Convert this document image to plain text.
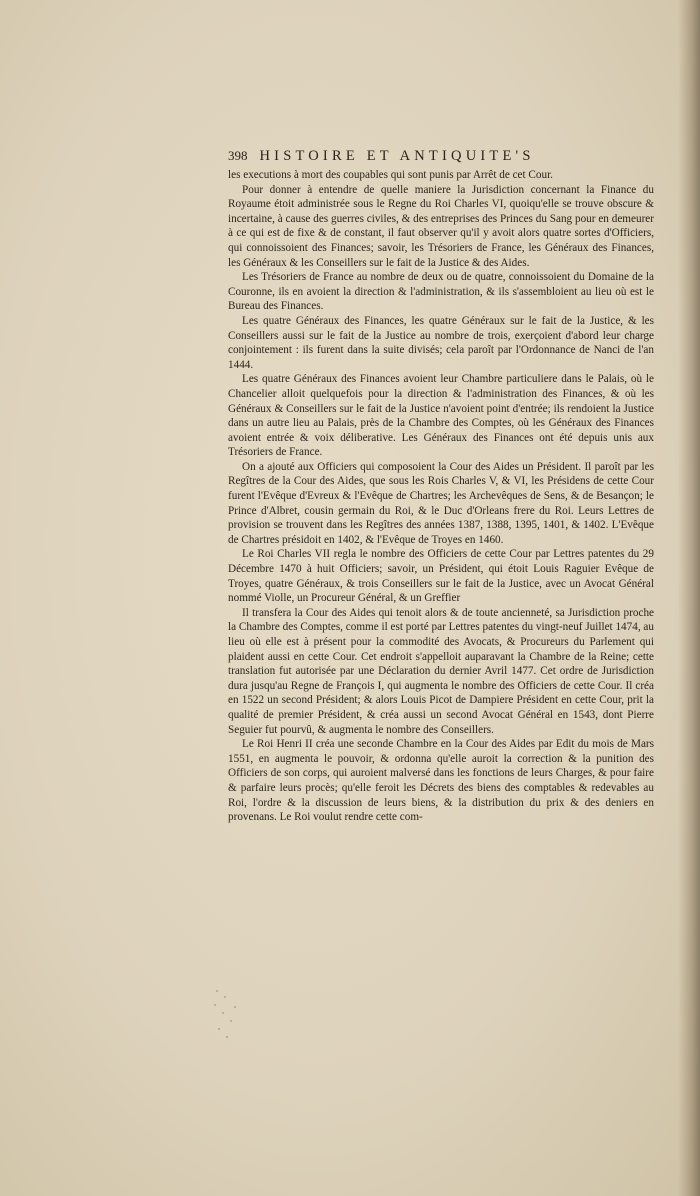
398 HISTOIRE ET ANTIQUITE'S

les executions à mort des coupables qui sont punis par Arrêt de cet Cour.

Pour donner à entendre de quelle maniere la Jurisdiction concernant la Finance du Royaume étoit administrée sous le Regne du Roi Charles VI, quoiqu'elle se trouve obscure & incertaine, à cause des guerres civiles, & des entreprises des Princes du Sang pour en demeurer à ce qui est de fixe & de constant, il faut observer qu'il y avoit alors quatre sortes d'Officiers, qui connoissoient des Finances; savoir, les Trésoriers de France, les Généraux des Finances, les Généraux & les Conseillers sur le fait de la Justice & des Aides.

Les Trésoriers de France au nombre de deux ou de quatre, connoissoient du Domaine de la Couronne, ils en avoient la direction & l'administration, & ils s'assembloient au lieu où est le Bureau des Finances.

Les quatre Généraux des Finances, les quatre Généraux sur le fait de la Justice, & les Conseillers aussi sur le fait de la Justice au nombre de trois, exerçoient d'abord leur charge conjointement : ils furent dans la suite divisés; cela paroît par l'Ordonnance de Nanci de l'an 1444.

Les quatre Généraux des Finances avoient leur Chambre particuliere dans le Palais, où le Chancelier alloit quelquefois pour la direction & l'administration des Finances, & où les Généraux & Conseillers sur le fait de la Justice n'avoient point d'entrée; ils rendoient la Justice dans un autre lieu au Palais, près de la Chambre des Comptes, où les Généraux des Finances avoient entrée & voix déliberative. Les Généraux des Finances ont été depuis unis aux Trésoriers de France.

On a ajouté aux Officiers qui composoient la Cour des Aides un Président. Il paroît par les Regîtres de la Cour des Aides, que sous les Rois Charles V, & VI, les Présidens de cette Cour furent l'Evêque d'Evreux & l'Evêque de Chartres; les Archevêques de Sens, & de Besançon; le Prince d'Albret, cousin germain du Roi, & le Duc d'Orleans frere du Roi. Leurs Lettres de provision se trouvent dans les Regîtres des années 1387, 1388, 1395, 1401, & 1402. L'Evêque de Chartres présidoit en 1402, & l'Evêque de Troyes en 1460.

Le Roi Charles VII regla le nombre des Officiers de cette Cour par Lettres patentes du 29 Décembre 1470 à huit Officiers; savoir, un Président, qui étoit Louis Raguier Evêque de Troyes, quatre Généraux, & trois Conseillers sur le fait de la Justice, avec un Avocat Général nommé Violle, un Procureur Général, & un Greffier

Il transfera la Cour des Aides qui tenoit alors & de toute ancienneté, sa Jurisdiction proche la Chambre des Comptes, comme il est porté par Lettres patentes du vingt-neuf Juillet 1474, au lieu où elle est à présent pour la commodité des Avocats, & Procureurs du Parlement qui plaident aussi en cette Cour. Cet endroit s'appelloit auparavant la Chambre de la Reine; cette translation fut autorisée par une Déclaration du dernier Avril 1477. Cet ordre de Jurisdiction dura jusqu'au Regne de François I, qui augmenta le nombre des Officiers de cette Cour. Il créa en 1522 un second Président; & alors Louis Picot de Dampiere Président en cette Cour, prit la qualité de premier Président, & créa aussi un second Avocat Général en 1543, dont Pierre Seguier fut pourvû, & augmenta le nombre des Conseillers.

Le Roi Henri II créa une seconde Chambre en la Cour des Aides par Edit du mois de Mars 1551, en augmenta le pouvoir, & ordonna qu'elle auroit la correction & la punition des Officiers de son corps, qui auroient malversé dans les fonctions de leurs Charges, & pour faire & parfaire leurs procès; qu'elle feroit les Décrets des biens des comptables & redevables au Roi, l'ordre & la discussion de leurs biens, & la distribution du prix & des deniers en provenans. Le Roi voulut rendre cette com-
